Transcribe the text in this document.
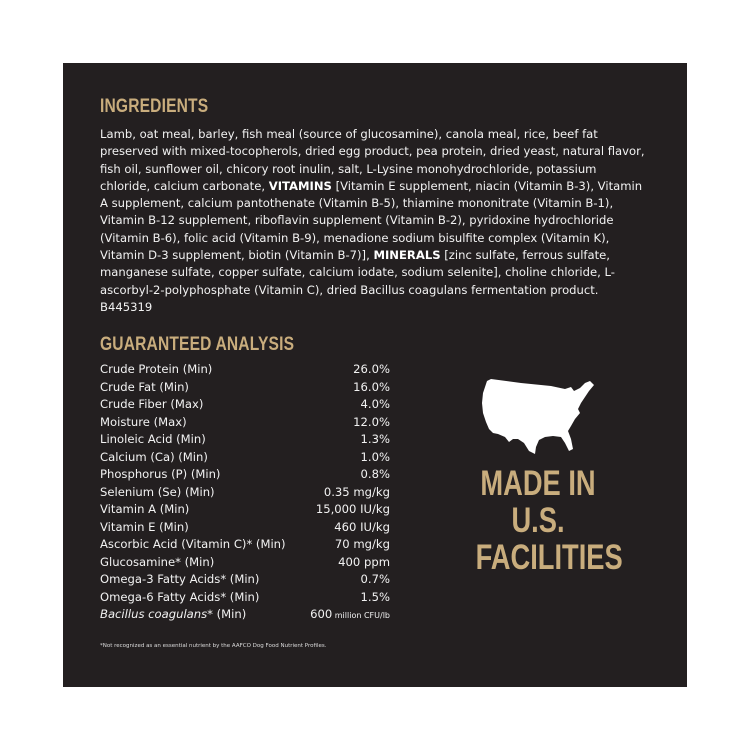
INGREDIENTS
Lamb, oat meal, barley, fish meal (source of glucosamine), canola meal, rice, beef fat preserved with mixed-tocopherols, dried egg product, pea protein, dried yeast, natural flavor, fish oil, sunflower oil, chicory root inulin, salt, L-Lysine monohydrochloride, potassium chloride, calcium carbonate, VITAMINS [Vitamin E supplement, niacin (Vitamin B-3), Vitamin A supplement, calcium pantothenate (Vitamin B-5), thiamine mononitrate (Vitamin B-1), Vitamin B-12 supplement, riboflavin supplement (Vitamin B-2), pyridoxine hydrochloride (Vitamin B-6), folic acid (Vitamin B-9), menadione sodium bisulfite complex (Vitamin K), Vitamin D-3 supplement, biotin (Vitamin B-7)], MINERALS [zinc sulfate, ferrous sulfate, manganese sulfate, copper sulfate, calcium iodate, sodium selenite], choline chloride, L-ascorbyl-2-polyphosphate (Vitamin C), dried Bacillus coagulans fermentation product. B445319
GUARANTEED ANALYSIS
Crude Protein (Min)	26.0%
Crude Fat (Min)	16.0%
Crude Fiber (Max)	4.0%
Moisture (Max)	12.0%
Linoleic Acid (Min)	1.3%
Calcium (Ca) (Min)	1.0%
Phosphorus (P) (Min)	0.8%
Selenium (Se) (Min)	0.35 mg/kg
Vitamin A (Min)	15,000 IU/kg
Vitamin E (Min)	460 IU/kg
Ascorbic Acid (Vitamin C)* (Min)	70 mg/kg
Glucosamine* (Min)	400 ppm
Omega-3 Fatty Acids* (Min)	0.7%
Omega-6 Fatty Acids* (Min)	1.5%
Bacillus coagulans* (Min)	600 million CFU/lb
*Not recognized as an essential nutrient by the AAFCO Dog Food Nutrient Profiles.
MADE IN
U.S.
FACILITIES
